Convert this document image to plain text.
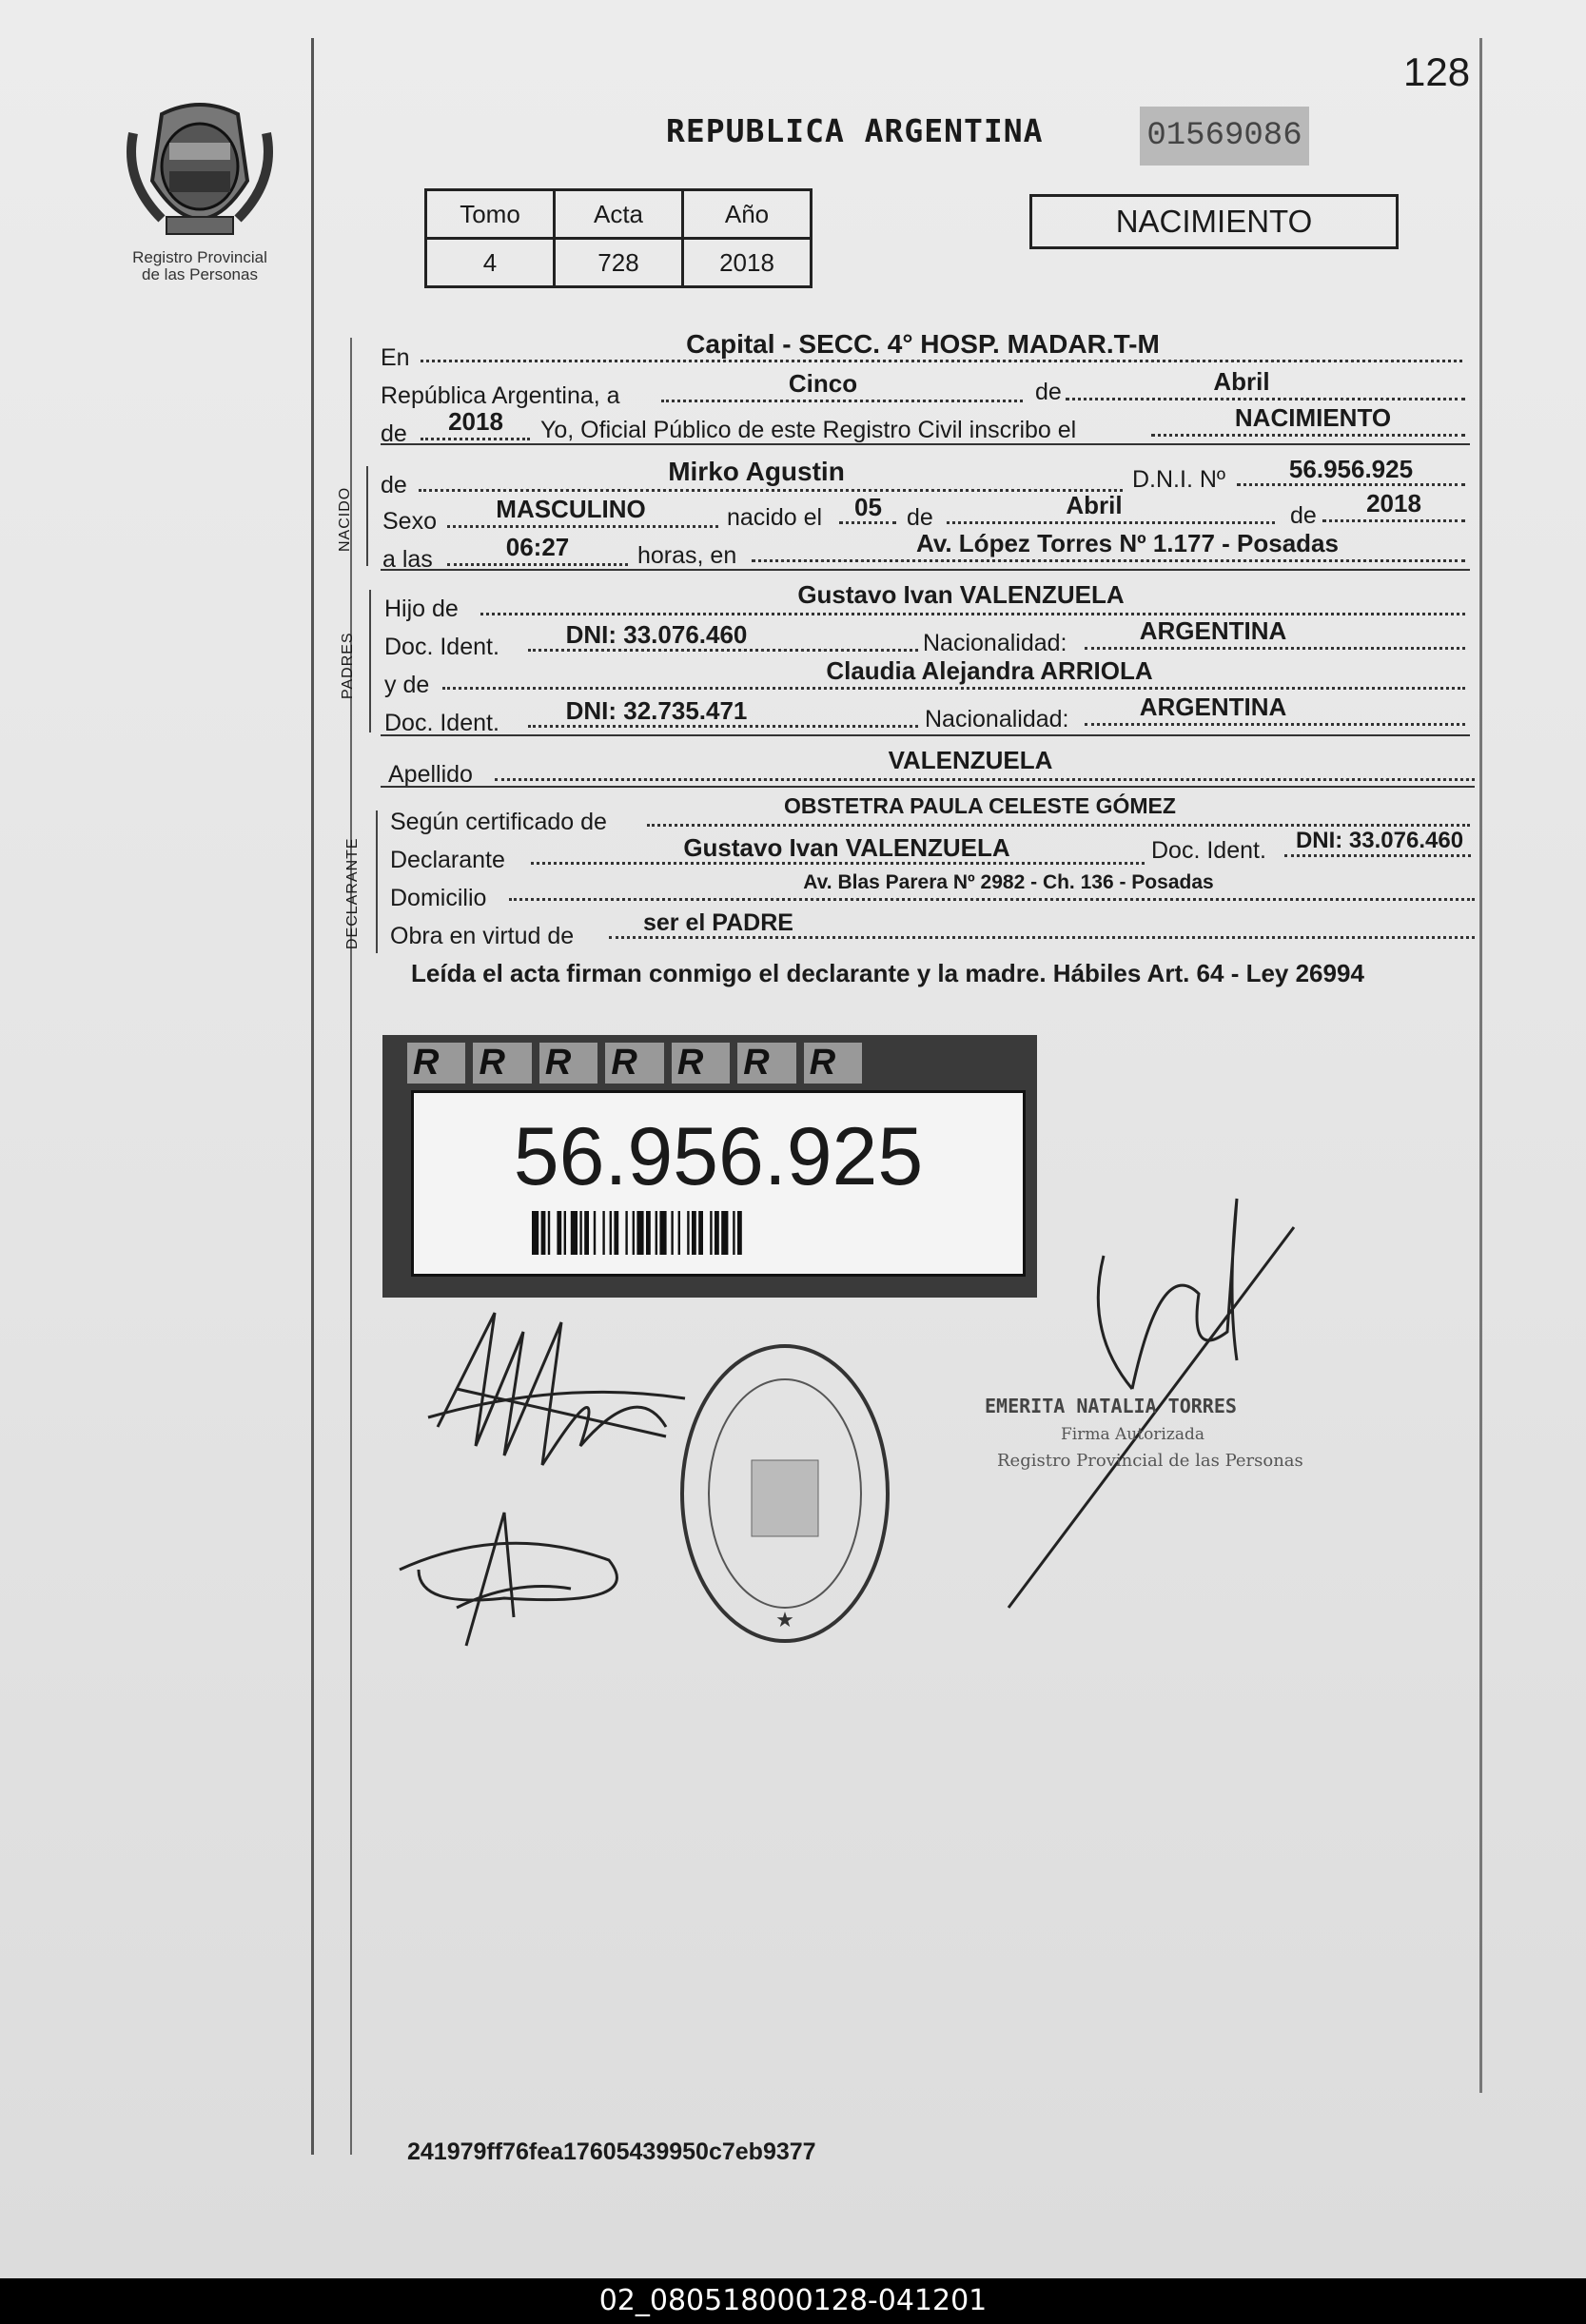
Registro Provincial
de las Personas
128
REPUBLICA ARGENTINA	01569086
Tomo	Acta	Año
4	728	2018
NACIMIENTO
En	Capital - SECC. 4° HOSP. MADAR.T-M
República Argentina, a	Cinco	de	Abril
de	2018	Yo, Oficial Público de este Registro Civil inscribo el	NACIMIENTO
NACIDO
de	Mirko Agustin	D.N.I. Nº	56.956.925
Sexo	MASCULINO	nacido el	05	de	Abril	de	2018
a las	06:27	horas, en	Av. López Torres Nº 1.177 - Posadas
PADRES
Hijo de	Gustavo Ivan VALENZUELA
Doc. Ident.	DNI: 33.076.460	Nacionalidad:	ARGENTINA
y de	Claudia Alejandra ARRIOLA
Doc. Ident.	DNI: 32.735.471	Nacionalidad:	ARGENTINA
Apellido	VALENZUELA
DECLARANTE
Según certificado de
OBSTETRA PAULA CELESTE GÓMEZ
Declarante	Gustavo Ivan VALENZUELA	Doc. Ident.	DNI: 33.076.460
Domicilio
Av. Blas Parera Nº 2982 - Ch. 136 - Posadas
Obra en virtud de	ser el PADRE
Leída el acta firman conmigo el declarante y la madre. Hábiles Art. 64 - Ley 26994
R R R R R R R
56.956.925
★
EMERITA NATALIA TORRES
Firma Autorizada
Registro Provincial de las Personas
241979ff76fea17605439950c7eb9377
02_080518000128-041201
